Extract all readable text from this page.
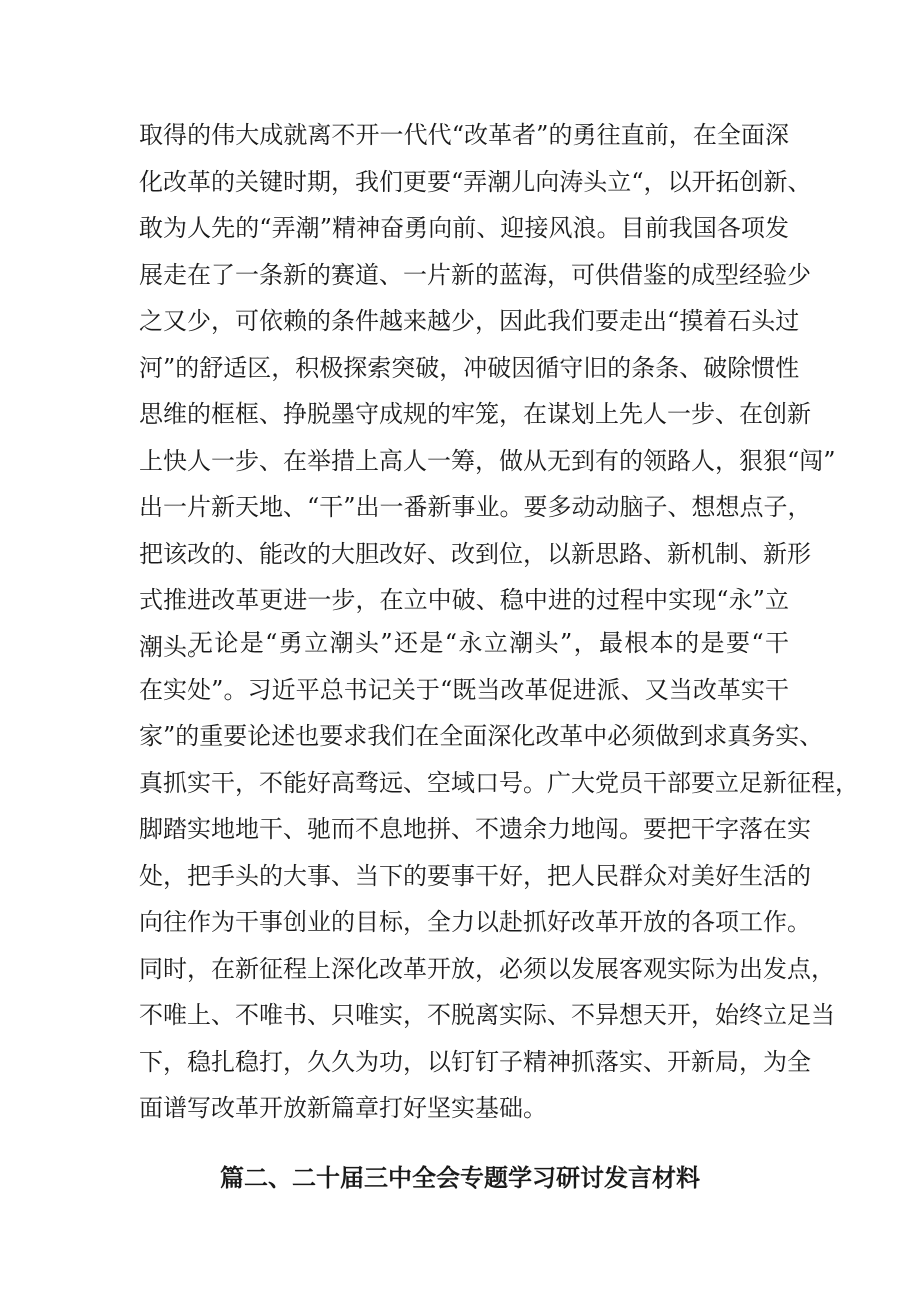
取得的伟大成就离不开一代代“改革者”的勇往直前，在全面深
化改革的关键时期，我们更要“弄潮儿向涛头立“，以开拓创新、
敢为人先的“弄潮”精神奋勇向前、迎接风浪。目前我国各项发
展走在了一条新的赛道、一片新的蓝海，可供借鉴的成型经验少
之又少，可依赖的条件越来越少，因此我们要走出“摸着石头过
河”的舒适区，积极探索突破，冲破因循守旧的条条、破除惯性
思维的框框、挣脱墨守成规的牢笼，在谋划上先人一步、在创新
上快人一步、在举措上高人一筹，做从无到有的领路人，狠狠“闯”
出一片新天地、“干”出一番新事业。要多动动脑子、想想点子，
把该改的、能改的大胆改好、改到位，以新思路、新机制、新形
式推进改革更进一步，在立中破、稳中进的过程中实现“永”立
潮头。
无论是“勇立潮头”还是“永立潮头”，最根本的是要“干
在实处”。习近平总书记关于“既当改革促进派、又当改革实干
家”的重要论述也要求我们在全面深化改革中必须做到求真务实、
真抓实干，不能好高骛远、空域口号。广大党员干部要立足新征程，
脚踏实地地干、驰而不息地拼、不遗余力地闯。要把干字落在实
处，把手头的大事、当下的要事干好，把人民群众对美好生活的
向往作为干事创业的目标，全力以赴抓好改革开放的各项工作。
同时，在新征程上深化改革开放，必须以发展客观实际为出发点，
不唯上、不唯书、只唯实，不脱离实际、不异想天开，始终立足当
下，稳扎稳打，久久为功，以钉钉子精神抓落实、开新局，为全
面谱写改革开放新篇章打好坚实基础。
篇二、二十届三中全会专题学习研讨发言材料
